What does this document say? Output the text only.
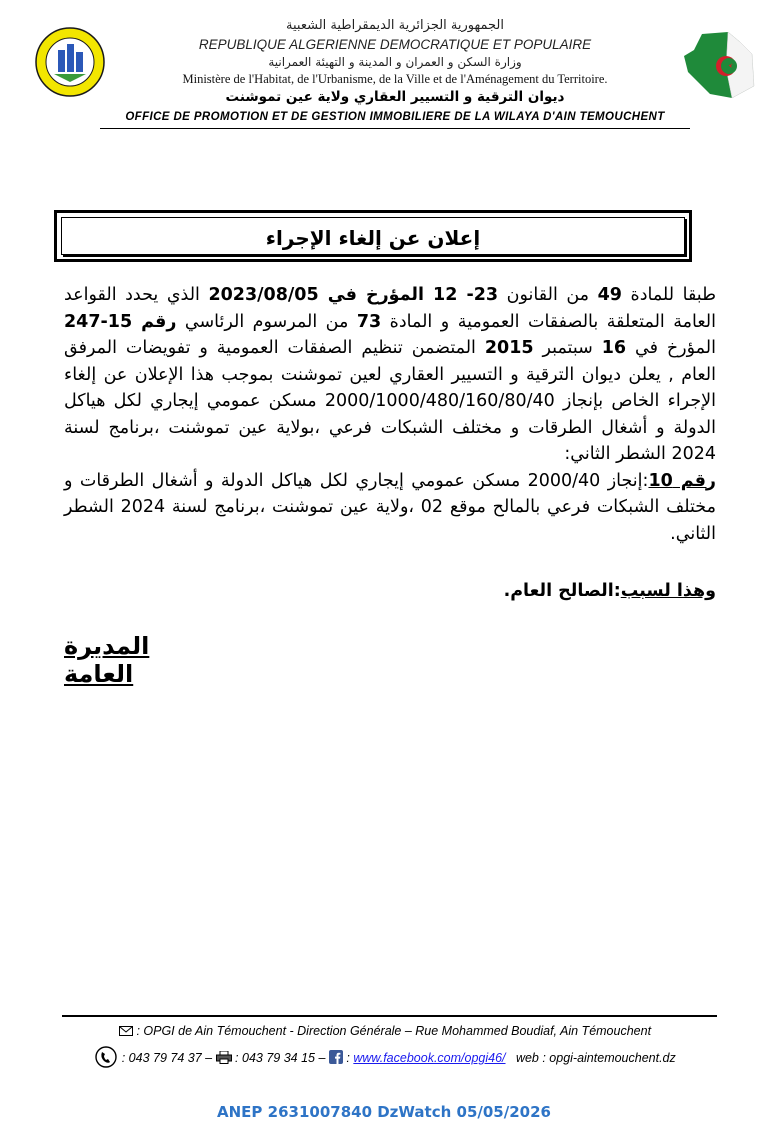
الجمهورية الجزائرية الديمقراطية الشعبية
REPUBLIQUE ALGERIENNE DEMOCRATIQUE ET POPULAIRE
وزارة السكن و العمران و المدينة و التهيئة العمرانية
Ministère de l'Habitat, de l'Urbanisme, de la Ville et de l'Aménagement du Territoire.
ديوان الترقية و التسيير العقاري ولاية عين تموشنت
OFFICE DE PROMOTION ET DE GESTION IMMOBILIERE DE LA WILAYA D'AIN TEMOUCHENT
إعلان عن إلغاء الإجراء
طبقا للمادة 49 من القانون 23- 12 المؤرخ في 2023/08/05 الذي يحدد القواعد العامة المتعلقة بالصفقات العمومية و المادة 73 من المرسوم الرئاسي رقم 15-247 المؤرخ في 16 سبتمبر 2015 المتضمن تنظيم الصفقات العمومية و تفويضات المرفق العام , يعلن ديوان الترقية و التسيير العقاري لعين تموشنت بموجب هذا الإعلان عن إلغاء الإجراء الخاص بإنجاز 2000/1000/480/160/80/40 مسكن عمومي إيجاري لكل هياكل الدولة و أشغال الطرقات و مختلف الشبكات فرعي ،بولاية عين تموشنت ،برنامج لسنة 2024 الشطر الثاني:
رقم 10:إنجاز 2000/40 مسكن عمومي إيجاري لكل هياكل الدولة و أشغال الطرقات و مختلف الشبكات فرعي بالمالح موقع 02 ،ولاية عين تموشنت ،برنامج لسنة 2024 الشطر الثاني.
وهذا لسبب:الصالح العام.
المديرة العامة
: OPGI de Ain Témouchent - Direction Générale – Rue Mohammed Boudiaf, Ain Témouchent
: 043 79 74 37 – : 043 79 34 15 – : www.facebook.com/opgi46/ web : opgi-aintemouchent.dz
ANEP 2631007840 DzWatch 05/05/2026
